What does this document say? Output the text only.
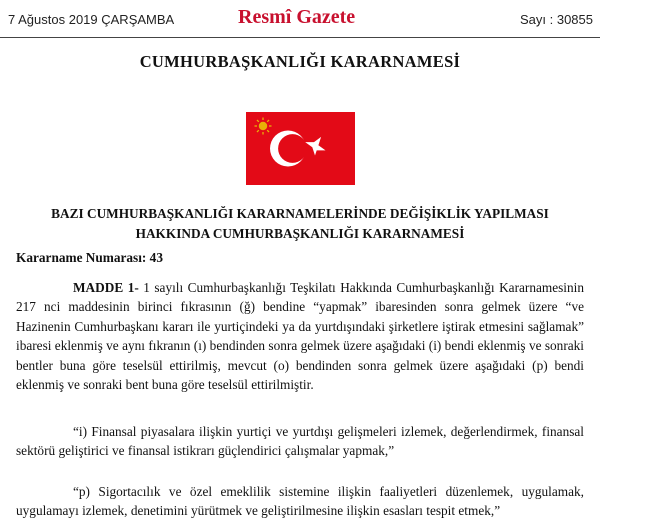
7 Ağustos 2019 ÇARŞAMBA	Resmî Gazete	Sayı : 30855
CUMHURBAŞKANLIĞI KARARNAMESİ
BAZI CUMHURBAŞKANLIĞI KARARNAMELERİNDE DEĞİŞİKLİK YAPILMASI
HAKKINDA CUMHURBAŞKANLIĞI KARARNAMESİ
Kararname Numarası: 43

MADDE 1- 1 sayılı Cumhurbaşkanlığı Teşkilatı Hakkında Cumhurbaşkanlığı Kararnamesinin 217 nci maddesinin birinci fıkrasının (ğ) bendine “yapmak” ibaresinden sonra gelmek üzere “ve Hazinenin Cumhurbaşkanı kararı ile yurtiçindeki ya da yurtdışındaki şirketlere iştirak etmesini sağlamak” ibaresi eklenmiş ve aynı fıkranın (ı) bendinden sonra gelmek üzere aşağıdaki (i) bendi eklenmiş ve sonraki bentler buna göre teselsül ettirilmiş, mevcut (o) bendinden sonra gelmek üzere aşağıdaki (p) bendi eklenmiş ve sonraki bent buna göre teselsül ettirilmiştir.

“i) Finansal piyasalara ilişkin yurtiçi ve yurtdışı gelişmeleri izlemek, değerlendirmek, finansal sektörü geliştirici ve finansal istikrarı güçlendirici çalışmalar yapmak,”

“p) Sigortacılık ve özel emeklilik sistemine ilişkin faaliyetleri düzenlemek, uygulamak, uygulamayı izlemek, denetimini yürütmek ve geliştirilmesine ilişkin esasları tespit etmek,”
